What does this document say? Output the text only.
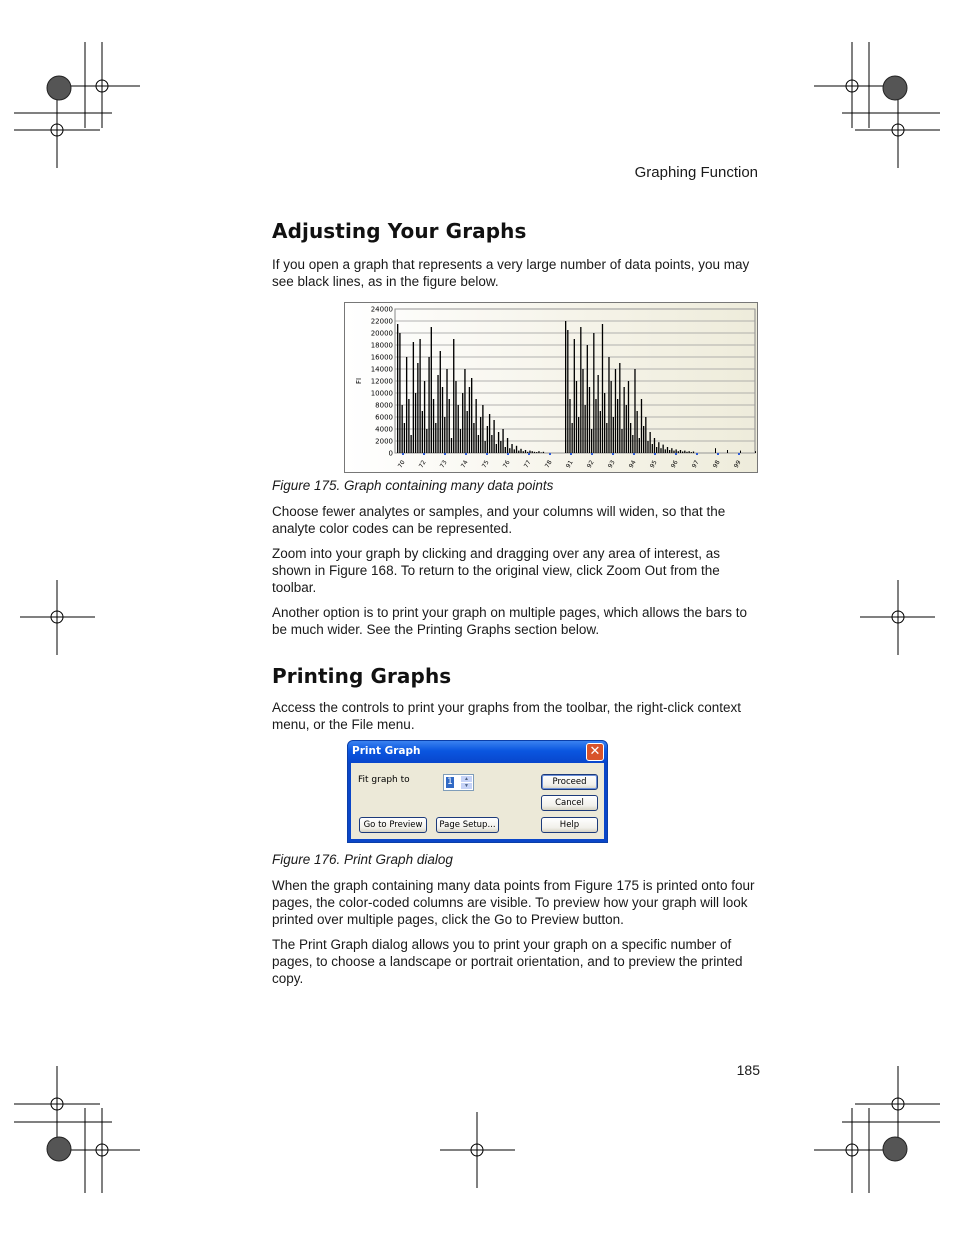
Graphing Function
Adjusting Your Graphs

If you open a graph that represents a very large number of data points, you may see black lines, as in the figure below.

0
2000
4000
6000
8000
10000
12000
14000
16000
18000
20000
22000
24000
FI
70 72 73 74 75 76 77 78 91 92 93 94 95 96 97 98 99
Figure 175. Graph containing many data points

Choose fewer analytes or samples, and your columns will widen, so that the analyte color codes can be represented.

Zoom into your graph by clicking and dragging over any area of interest, as shown in Figure 168. To return to the original view, click Zoom Out from the toolbar.

Another option is to print your graph on multiple pages, which allows the bars to be much wider. See the Printing Graphs section below.

Printing Graphs

Access the controls to print your graphs from the toolbar, the right-click context menu, or the File menu.

Print Graph	✕
Fit graph to	1	▲
▼	Proceed
Cancel
Help
Go to Preview	Page Setup...
Figure 176. Print Graph dialog

When the graph containing many data points from Figure 175 is printed onto four pages, the color-coded columns are visible. To preview how your graph will look printed over multiple pages, click the Go to Preview button.

The Print Graph dialog allows you to print your graph on a specific number of pages, to choose a landscape or portrait orientation, and to preview the printed copy.

185
